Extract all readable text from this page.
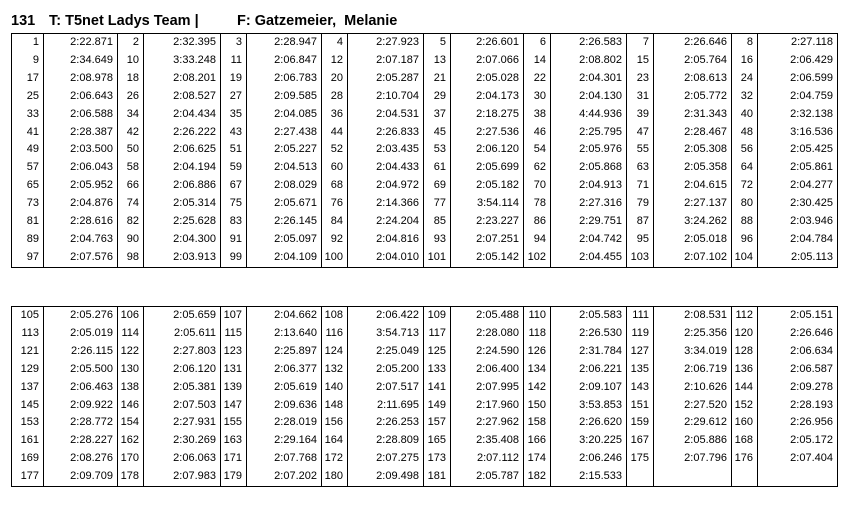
131 T: T5net Ladys Team |	F: Gatzemeier,  Melanie
1	2:22.871	2	2:32.395	3	2:28.947	4	2:27.923	5	2:26.601	6	2:26.583	7	2:26.646	8	2:27.118
9	2:34.649	10	3:33.248	11	2:06.847	12	2:07.187	13	2:07.066	14	2:08.802	15	2:05.764	16	2:06.429
17	2:08.978	18	2:08.201	19	2:06.783	20	2:05.287	21	2:05.028	22	2:04.301	23	2:08.613	24	2:06.599
25	2:06.643	26	2:08.527	27	2:09.585	28	2:10.704	29	2:04.173	30	2:04.130	31	2:05.772	32	2:04.759
33	2:06.588	34	2:04.434	35	2:04.085	36	2:04.531	37	2:18.275	38	4:44.936	39	2:31.343	40	2:32.138
41	2:28.387	42	2:26.222	43	2:27.438	44	2:26.833	45	2:27.536	46	2:25.795	47	2:28.467	48	3:16.536
49	2:03.500	50	2:06.625	51	2:05.227	52	2:03.435	53	2:06.120	54	2:05.976	55	2:05.308	56	2:05.425
57	2:06.043	58	2:04.194	59	2:04.513	60	2:04.433	61	2:05.699	62	2:05.868	63	2:05.358	64	2:05.861
65	2:05.952	66	2:06.886	67	2:08.029	68	2:04.972	69	2:05.182	70	2:04.913	71	2:04.615	72	2:04.277
73	2:04.876	74	2:05.314	75	2:05.671	76	2:14.366	77	3:54.114	78	2:27.316	79	2:27.137	80	2:30.425
81	2:28.616	82	2:25.628	83	2:26.145	84	2:24.204	85	2:23.227	86	2:29.751	87	3:24.262	88	2:03.946
89	2:04.763	90	2:04.300	91	2:05.097	92	2:04.816	93	2:07.251	94	2:04.742	95	2:05.018	96	2:04.784
97	2:07.576	98	2:03.913	99	2:04.109	100	2:04.010	101	2:05.142	102	2:04.455	103	2:07.102	104	2:05.113
105	2:05.276	106	2:05.659	107	2:04.662	108	2:06.422	109	2:05.488	110	2:05.583	111	2:08.531	112	2:05.151
113	2:05.019	114	2:05.611	115	2:13.640	116	3:54.713	117	2:28.080	118	2:26.530	119	2:25.356	120	2:26.646
121	2:26.115	122	2:27.803	123	2:25.897	124	2:25.049	125	2:24.590	126	2:31.784	127	3:34.019	128	2:06.634
129	2:05.500	130	2:06.120	131	2:06.377	132	2:05.200	133	2:06.400	134	2:06.221	135	2:06.719	136	2:06.587
137	2:06.463	138	2:05.381	139	2:05.619	140	2:07.517	141	2:07.995	142	2:09.107	143	2:10.626	144	2:09.278
145	2:09.922	146	2:07.503	147	2:09.636	148	2:11.695	149	2:17.960	150	3:53.853	151	2:27.520	152	2:28.193
153	2:28.772	154	2:27.931	155	2:28.019	156	2:26.253	157	2:27.962	158	2:26.620	159	2:29.612	160	2:26.956
161	2:28.227	162	2:30.269	163	2:29.164	164	2:28.809	165	2:35.408	166	3:20.225	167	2:05.886	168	2:05.172
169	2:08.276	170	2:06.063	171	2:07.768	172	2:07.275	173	2:07.112	174	2:06.246	175	2:07.796	176	2:07.404
177	2:09.709	178	2:07.983	179	2:07.202	180	2:09.498	181	2:05.787	182	2:15.533				
